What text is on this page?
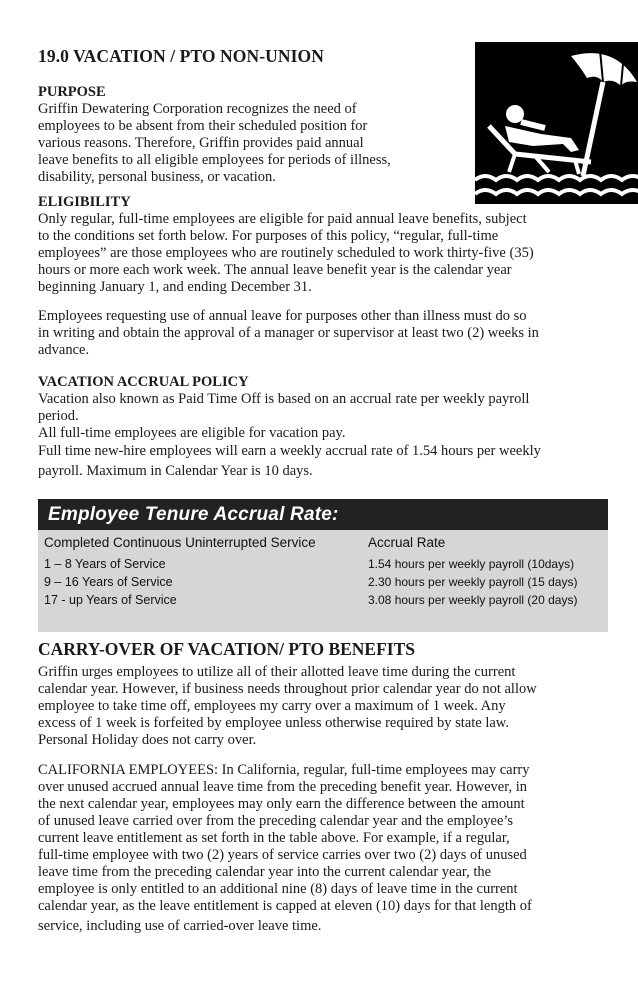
19.0 VACATION / PTO NON-UNION
PURPOSE
Griffin Dewatering Corporation recognizes the need of
employees to be absent from their scheduled position for
various reasons. Therefore, Griffin provides paid annual
leave benefits to all eligible employees for periods of illness,
disability, personal business, or vacation.
ELIGIBILITY
Only regular, full-time employees are eligible for paid annual leave benefits, subject
to the conditions set forth below. For purposes of this policy, “regular, full-time
employees” are those employees who are routinely scheduled to work thirty-five (35)
hours or more each work week. The annual leave benefit year is the calendar year
beginning January 1, and ending December 31.
Employees requesting use of annual leave for purposes other than illness must do so
in writing and obtain the approval of a manager or supervisor at least two (2) weeks in
advance.
VACATION ACCRUAL POLICY
Vacation also known as Paid Time Off is based on an accrual rate per weekly payroll
period.
All full-time employees are eligible for vacation pay.
Full time new-hire employees will earn a weekly accrual rate of 1.54 hours per weekly
payroll. Maximum in Calendar Year is 10 days.
Employee Tenure Accrual Rate:
Completed Continuous Uninterrupted Service	Accrual Rate
1 – 8 Years of Service	1.54 hours per weekly payroll (10days)
9 – 16 Years of Service	2.30 hours per weekly payroll (15 days)
17 - up Years of Service	3.08 hours per weekly payroll (20 days)
CARRY-OVER OF VACATION/ PTO BENEFITS
Griffin urges employees to utilize all of their allotted leave time during the current
calendar year. However, if business needs throughout prior calendar year do not allow
employee to take time off, employees my carry over a maximum of 1 week. Any
excess of 1 week is forfeited by employee unless otherwise required by state law.
Personal Holiday does not carry over.
CALIFORNIA EMPLOYEES: In California, regular, full-time employees may carry
over unused accrued annual leave time from the preceding benefit year. However, in
the next calendar year, employees may only earn the difference between the amount
of unused leave carried over from the preceding calendar year and the employee’s
current leave entitlement as set forth in the table above. For example, if a regular,
full-time employee with two (2) years of service carries over two (2) days of unused
leave time from the preceding calendar year into the current calendar year, the
employee is only entitled to an additional nine (8) days of leave time in the current
calendar year, as the leave entitlement is capped at eleven (10) days for that length of
service, including use of carried-over leave time.
